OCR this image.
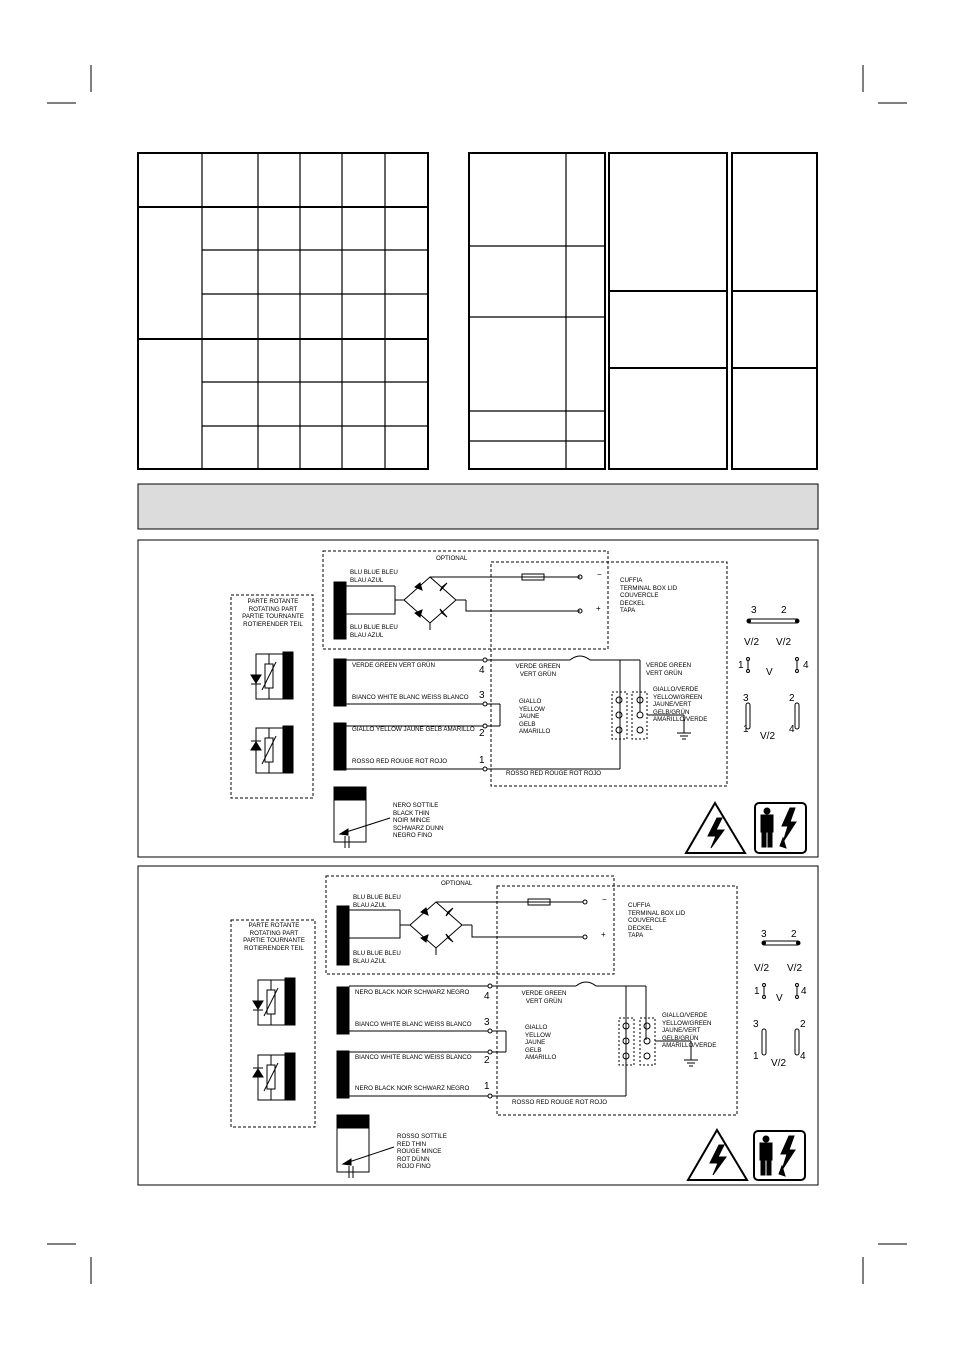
OPTIONAL
PARTE ROTANTE
ROTATING PART
PARTIE TOURNANTE
ROTIERENDER TEIL
BLU BLUE BLEU
BLAU AZUL
BLU BLUE BLEU
BLAU AZUL
CUFFIA
TERMINAL BOX LID
COUVERCLE
DECKEL
TAPA
VERDE GREEN VERT GRÜN
BIANCO WHITE BLANC WEISS BLANCO
GIALLO YELLOW JAUNE GELB AMARILLO
ROSSO RED ROUGE ROT ROJO
VERDE GREEN
VERT GRÜN
GIALLO
YELLOW
JAUNE
GELB
AMARILLO
VERDE GREEN
VERT GRÜN
GIALLO/VERDE
YELLOW/GREEN
JAUNE/VERT
GELB/GRÜN
AMARILLO/VERDE
ROSSO RED ROUGE ROT ROJO
NERO SOTTILE
BLACK THIN
NOIR MINCE
SCHWARZ DUNN
NEGRO FINO
4
3
2
1
−
+	3 2
V/2 V/2
1
V
4
3	2
1
V/2
4
OPTIONAL
PARTE ROTANTE
ROTATING PART
PARTIE TOURNANTE
ROTIERENDER TEIL
BLU BLUE BLEU
BLAU AZUL
BLU BLUE BLEU
BLAU AZUL
CUFFIA
TERMINAL BOX LID
COUVERCLE
DECKEL
TAPA
NERO BLACK NOIR SCHWARZ NEGRO
BIANCO WHITE BLANC WEISS BLANCO
BIANCO WHITE BLANC WEISS BLANCO
NERO BLACK NOIR SCHWARZ NEGRO
VERDE GREEN
VERT GRÜN
GIALLO
YELLOW
JAUNE
GELB
AMARILLO
GIALLO/VERDE
YELLOW/GREEN
JAUNE/VERT
GELB/GRÜN
AMARILLO/VERDE
ROSSO RED ROUGE ROT ROJO
ROSSO SOTTILE
RED THIN
ROUGE MINCE
ROT DÜNN
ROJO FINO
4
3
2
1
−
+	3 2
V/2 V/2
1
V
4
3	2
1
V/2
4
